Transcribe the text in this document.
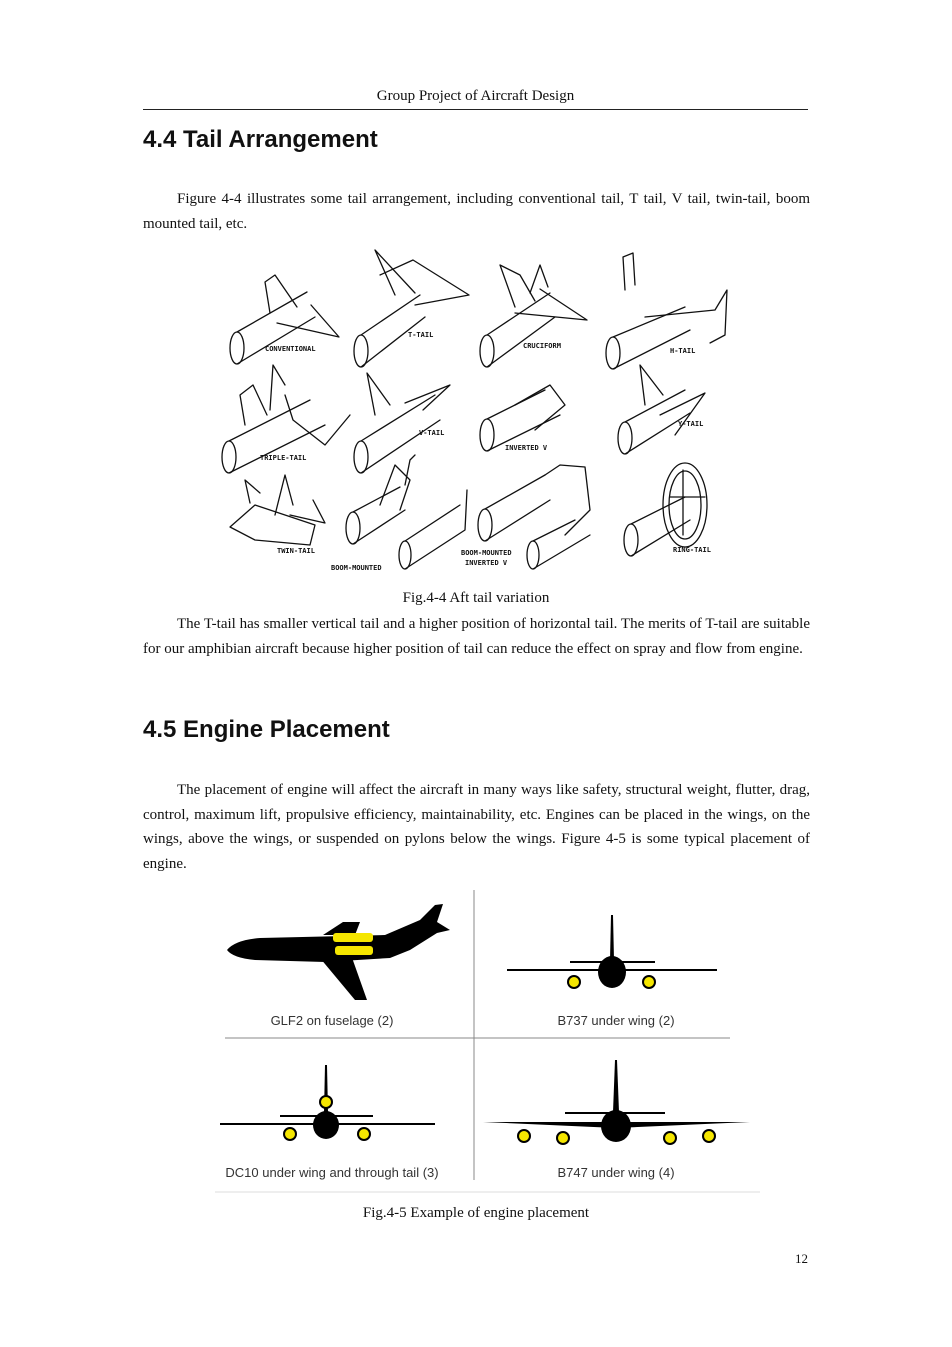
Group Project of Aircraft Design
4.4 Tail Arrangement

Figure 4-4 illustrates some tail arrangement, including conventional tail, T tail, V tail, twin-tail, boom mounted tail, etc.

CONVENTIONAL
T-TAIL
CRUCIFORM
H-TAIL
TRIPLE-TAIL
V-TAIL
INVERTED V
Y-TAIL
TWIN-TAIL
BOOM-MOUNTED
BOOM-MOUNTED
INVERTED V
RING-TAIL
Fig.4-4 Aft tail variation

The T-tail has smaller vertical tail and a higher position of horizontal tail. The merits of T-tail are suitable for our amphibian aircraft because higher position of tail can reduce the effect on spray and flow from engine.

4.5 Engine Placement

The placement of engine will affect the aircraft in many ways like safety, structural weight, flutter, drag, control, maximum lift, propulsive efficiency, maintainability, etc. Engines can be placed in the wings, on the wings, above the wings, or suspended on pylons below the wings. Figure 4-5 is some typical placement of engine.

GLF2 on fuselage (2)	B737 under wing (2)
DC10 under wing and through tail (3)	B747 under wing (4)
Fig.4-5 Example of engine placement
12
